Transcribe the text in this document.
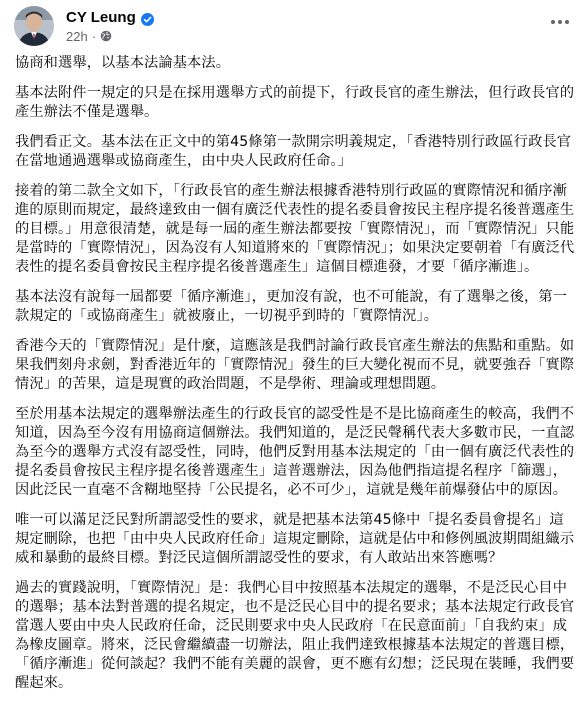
CY Leung
22h ·

協商和選舉，以基本法論基本法。

基本法附件一規定的只是在採用選舉方式的前提下，行政長官的產生辦法，但行政長官的產生辦法不僅是選舉。

我們看正文。基本法在正文中的第45條第一款開宗明義規定，「香港特別行政區行政長官在當地通過選舉或協商產生，由中央人民政府任命。」

接着的第二款全文如下，「行政長官的產生辦法根據香港特別行政區的實際情況和循序漸進的原則而規定，最終達致由一個有廣泛代表性的提名委員會按民主程序提名後普選產生的目標。」用意很清楚，就是每一屆的產生辦法都要按「實際情況」，而「實際情況」只能是當時的「實際情況」，因為沒有人知道將來的「實際情況」；如果決定要朝着「有廣泛代表性的提名委員會按民主程序提名後普選產生」這個目標進發，才要「循序漸進」。

基本法沒有說每一屆都要「循序漸進」，更加沒有說，也不可能說，有了選舉之後，第一款規定的「或協商產生」就被廢止，一切視乎到時的「實際情況」。

香港今天的「實際情況」是什麼，這應該是我們討論行政長官產生辦法的焦點和重點。如果我們刻舟求劍，對香港近年的「實際情況」發生的巨大變化視而不見，就要強吞「實際情況」的苦果，這是現實的政治問題，不是學術、理論或理想問題。

至於用基本法規定的選舉辦法產生的行政長官的認受性是不是比協商產生的較高，我們不知道，因為至今沒有用協商這個辦法。我們知道的，是泛民聲稱代表大多數市民，一直認為至今的選舉方式沒有認受性，同時，他們反對用基本法規定的「由一個有廣泛代表性的提名委員會按民主程序提名後普選產生」這普選辦法，因為他們指這提名程序「篩選」，因此泛民一直毫不含糊地堅持「公民提名，必不可少」，這就是幾年前爆發佔中的原因。

唯一可以滿足泛民對所謂認受性的要求，就是把基本法第45條中「提名委員會提名」這規定刪除，也把「由中央人民政府任命」這規定刪除，這就是佔中和修例風波期間組織示威和暴動的最終目標。對泛民這個所謂認受性的要求，有人敢站出來答應嗎？

過去的實踐說明，「實際情況」是：我們心目中按照基本法規定的選舉，不是泛民心目中的選舉；基本法對普選的提名規定，也不是泛民心目中的提名要求；基本法規定行政長官當選人要由中央人民政府任命，泛民則要求中央人民政府「在民意面前」「自我約束」成為橡皮圖章。將來，泛民會繼續盡一切辦法，阻止我們達致根據基本法規定的普選目標，「循序漸進」從何談起？我們不能有美麗的誤會，更不應有幻想；泛民現在裝睡，我們要醒起來。
